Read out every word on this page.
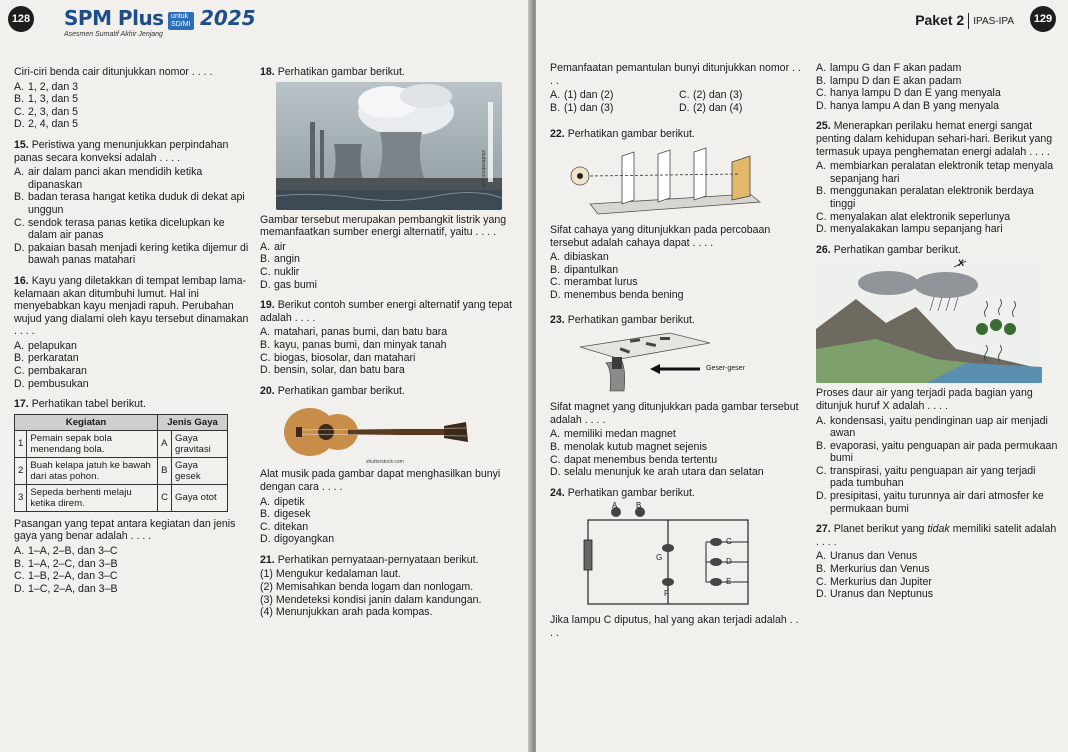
128 SPM Plus untuk
SD/MI 2025
Asesmen Sumatif Akhir Jenjang
Ciri-ciri benda cair ditunjukkan nomor . . . .
A. 1, 2, dan 3
B. 1, 3, dan 5
C. 2, 3, dan 5
D. 2, 4, dan 5
15. Peristiwa yang menunjukkan perpindahan panas secara konveksi adalah . . . .
A. air dalam panci akan mendidih ketika dipanaskan
B. badan terasa hangat ketika duduk di dekat api unggun
C. sendok terasa panas ketika dicelupkan ke dalam air panas
D. pakaian basah menjadi kering ketika dijemur di bawah panas matahari
16. Kayu yang diletakkan di tempat lembap lama-kelamaan akan ditumbuhi lumut. Hal ini menyebabkan kayu menjadi rapuh. Perubahan wujud yang dialami oleh kayu tersebut dinamakan . . . .
A. pelapukan
B. perkaratan
C. pembakaran
D. pembusukan
17. Perhatikan tabel berikut.
Kegiatan		Jenis Gaya	
1	Pemain sepak bola menendang bola.	A	Gaya gravitasi
2	Buah kelapa jatuh ke bawah dari atas pohon.	B	Gaya gesek
3	Sepeda berhenti melaju ketika direm.	C	Gaya otot
Pasangan yang tepat antara kegiatan dan jenis gaya yang benar adalah . . . .
A. 1–A, 2–B, dan 3–C
B. 1–A, 2–C, dan 3–B
C. 1–B, 2–A, dan 3–C
D. 1–C, 2–A, dan 3–B
18. Perhatikan gambar berikut.
Gambar tersebut merupakan pembangkit listrik yang memanfaatkan sumber energi alternatif, yaitu . . . .
A. air
B. angin
C. nuklir
D. gas bumi
19. Berikut contoh sumber energi alternatif yang tepat adalah . . . .
A. matahari, panas bumi, dan batu bara
B. kayu, panas bumi, dan minyak tanah
C. biogas, biosolar, dan matahari
D. bensin, solar, dan batu bara
20. Perhatikan gambar berikut.
shutterstock.com
Alat musik pada gambar dapat menghasilkan bunyi dengan cara . . . .
A. dipetik
B. digesek
C. ditekan
D. digoyangkan
21. Perhatikan pernyataan-pernyataan berikut.
(1) Mengukur kedalaman laut.
(2) Memisahkan benda logam dan nonlogam.
(3) Mendeteksi kondisi janin dalam kandungan.
(4) Menunjukkan arah pada kompas.
Paket 2 IPAS-IPA	129
Pemanfaatan pemantulan bunyi ditunjukkan nomor . . . .
A. (1) dan (2)	C. (2) dan (3)
B. (1) dan (3)	D. (2) dan (4)
22. Perhatikan gambar berikut.
Sifat cahaya yang ditunjukkan pada percobaan tersebut adalah cahaya dapat . . . .
A. dibiaskan
B. dipantulkan
C. merambat lurus
D. menembus benda bening
23. Perhatikan gambar berikut.
Geser-geser
Sifat magnet yang ditunjukkan pada gambar tersebut adalah . . . .
A. memiliki medan magnet
B. menolak kutub magnet sejenis
C. dapat menembus benda tertentu
D. selalu menunjuk ke arah utara dan selatan
24. Perhatikan gambar berikut.
A B
C
D
E
F
G
Jika lampu C diputus, hal yang akan terjadi adalah . . . .
A. lampu G dan F akan padam
B. lampu D dan E akan padam
C. hanya lampu D dan E yang menyala
D. hanya lampu A dan B yang menyala
25. Menerapkan perilaku hemat energi sangat penting dalam kehidupan sehari-hari. Berikut yang termasuk upaya penghematan energi adalah . . . .
A. membiarkan peralatan elektronik tetap menyala sepanjang hari
B. menggunakan peralatan elektronik berdaya tinggi
C. menyalakan alat elektronik seperlunya
D. menyalakakan lampu sepanjang hari
26. Perhatikan gambar berikut.
X
Proses daur air yang terjadi pada bagian yang ditunjuk huruf X adalah . . . .
A. kondensasi, yaitu pendinginan uap air menjadi awan
B. evaporasi, yaitu penguapan air pada permukaan bumi
C. transpirasi, yaitu penguapan air yang terjadi pada tumbuhan
D. presipitasi, yaitu turunnya air dari atmosfer ke permukaan bumi
27. Planet berikut yang tidak memiliki satelit adalah . . . .
A. Uranus dan Venus
B. Merkurius dan Venus
C. Merkurius dan Jupiter
D. Uranus dan Neptunus
shutterstock.com
